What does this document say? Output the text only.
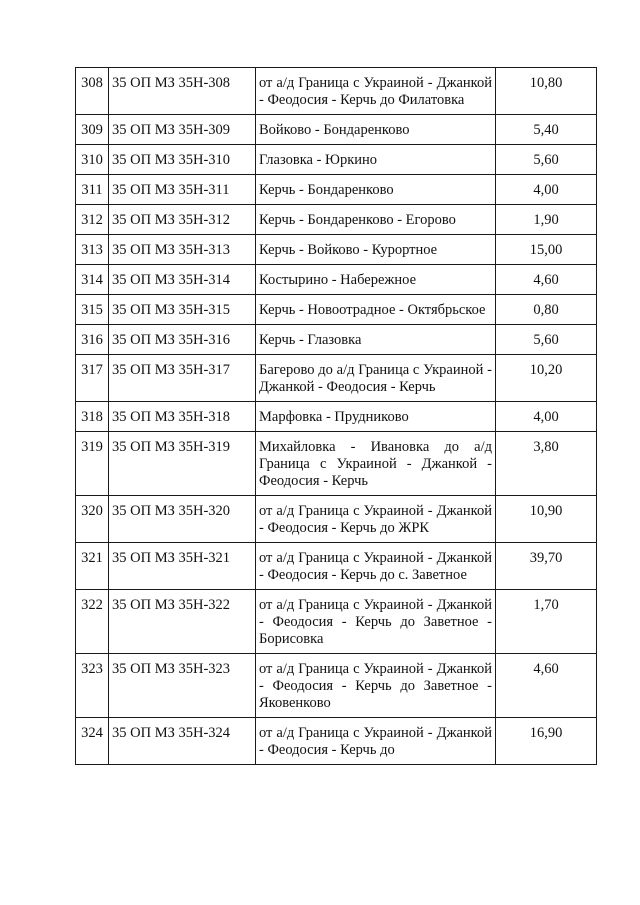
308	35 ОП МЗ 35Н-308	от а/д Граница с Украиной - Джанкой - Феодосия - Керчь до Филатовка	10,80
309	35 ОП МЗ 35Н-309	Войково - Бондаренково	5,40
310	35 ОП МЗ 35Н-310	Глазовка - Юркино	5,60
311	35 ОП МЗ 35Н-311	Керчь - Бондаренково	4,00
312	35 ОП МЗ 35Н-312	Керчь - Бондаренково - Егорово	1,90
313	35 ОП МЗ 35Н-313	Керчь - Войково - Курортное	15,00
314	35 ОП МЗ 35Н-314	Костырино - Набережное	4,60
315	35 ОП МЗ 35Н-315	Керчь - Новоотрадное - Октябрьское	0,80
316	35 ОП МЗ 35Н-316	Керчь - Глазовка	5,60
317	35 ОП МЗ 35Н-317	Багерово до а/д Граница с Украиной - Джанкой - Феодосия - Керчь	10,20
318	35 ОП МЗ 35Н-318	Марфовка - Прудниково	4,00
319	35 ОП МЗ 35Н-319	Михайловка - Ивановка до а/д Граница с Украиной - Джанкой - Феодосия - Керчь	3,80
320	35 ОП МЗ 35Н-320	от а/д Граница с Украиной - Джанкой - Феодосия - Керчь до ЖРК	10,90
321	35 ОП МЗ 35Н-321	от а/д Граница с Украиной - Джанкой - Феодосия - Керчь до с. Заветное	39,70
322	35 ОП МЗ 35Н-322	от а/д Граница с Украиной - Джанкой - Феодосия - Керчь до Заветное - Борисовка	1,70
323	35 ОП МЗ 35Н-323	от а/д Граница с Украиной - Джанкой - Феодосия - Керчь до Заветное - Яковенково	4,60
324	35 ОП МЗ 35Н-324	от а/д Граница с Украиной - Джанкой - Феодосия - Керчь до	16,90
